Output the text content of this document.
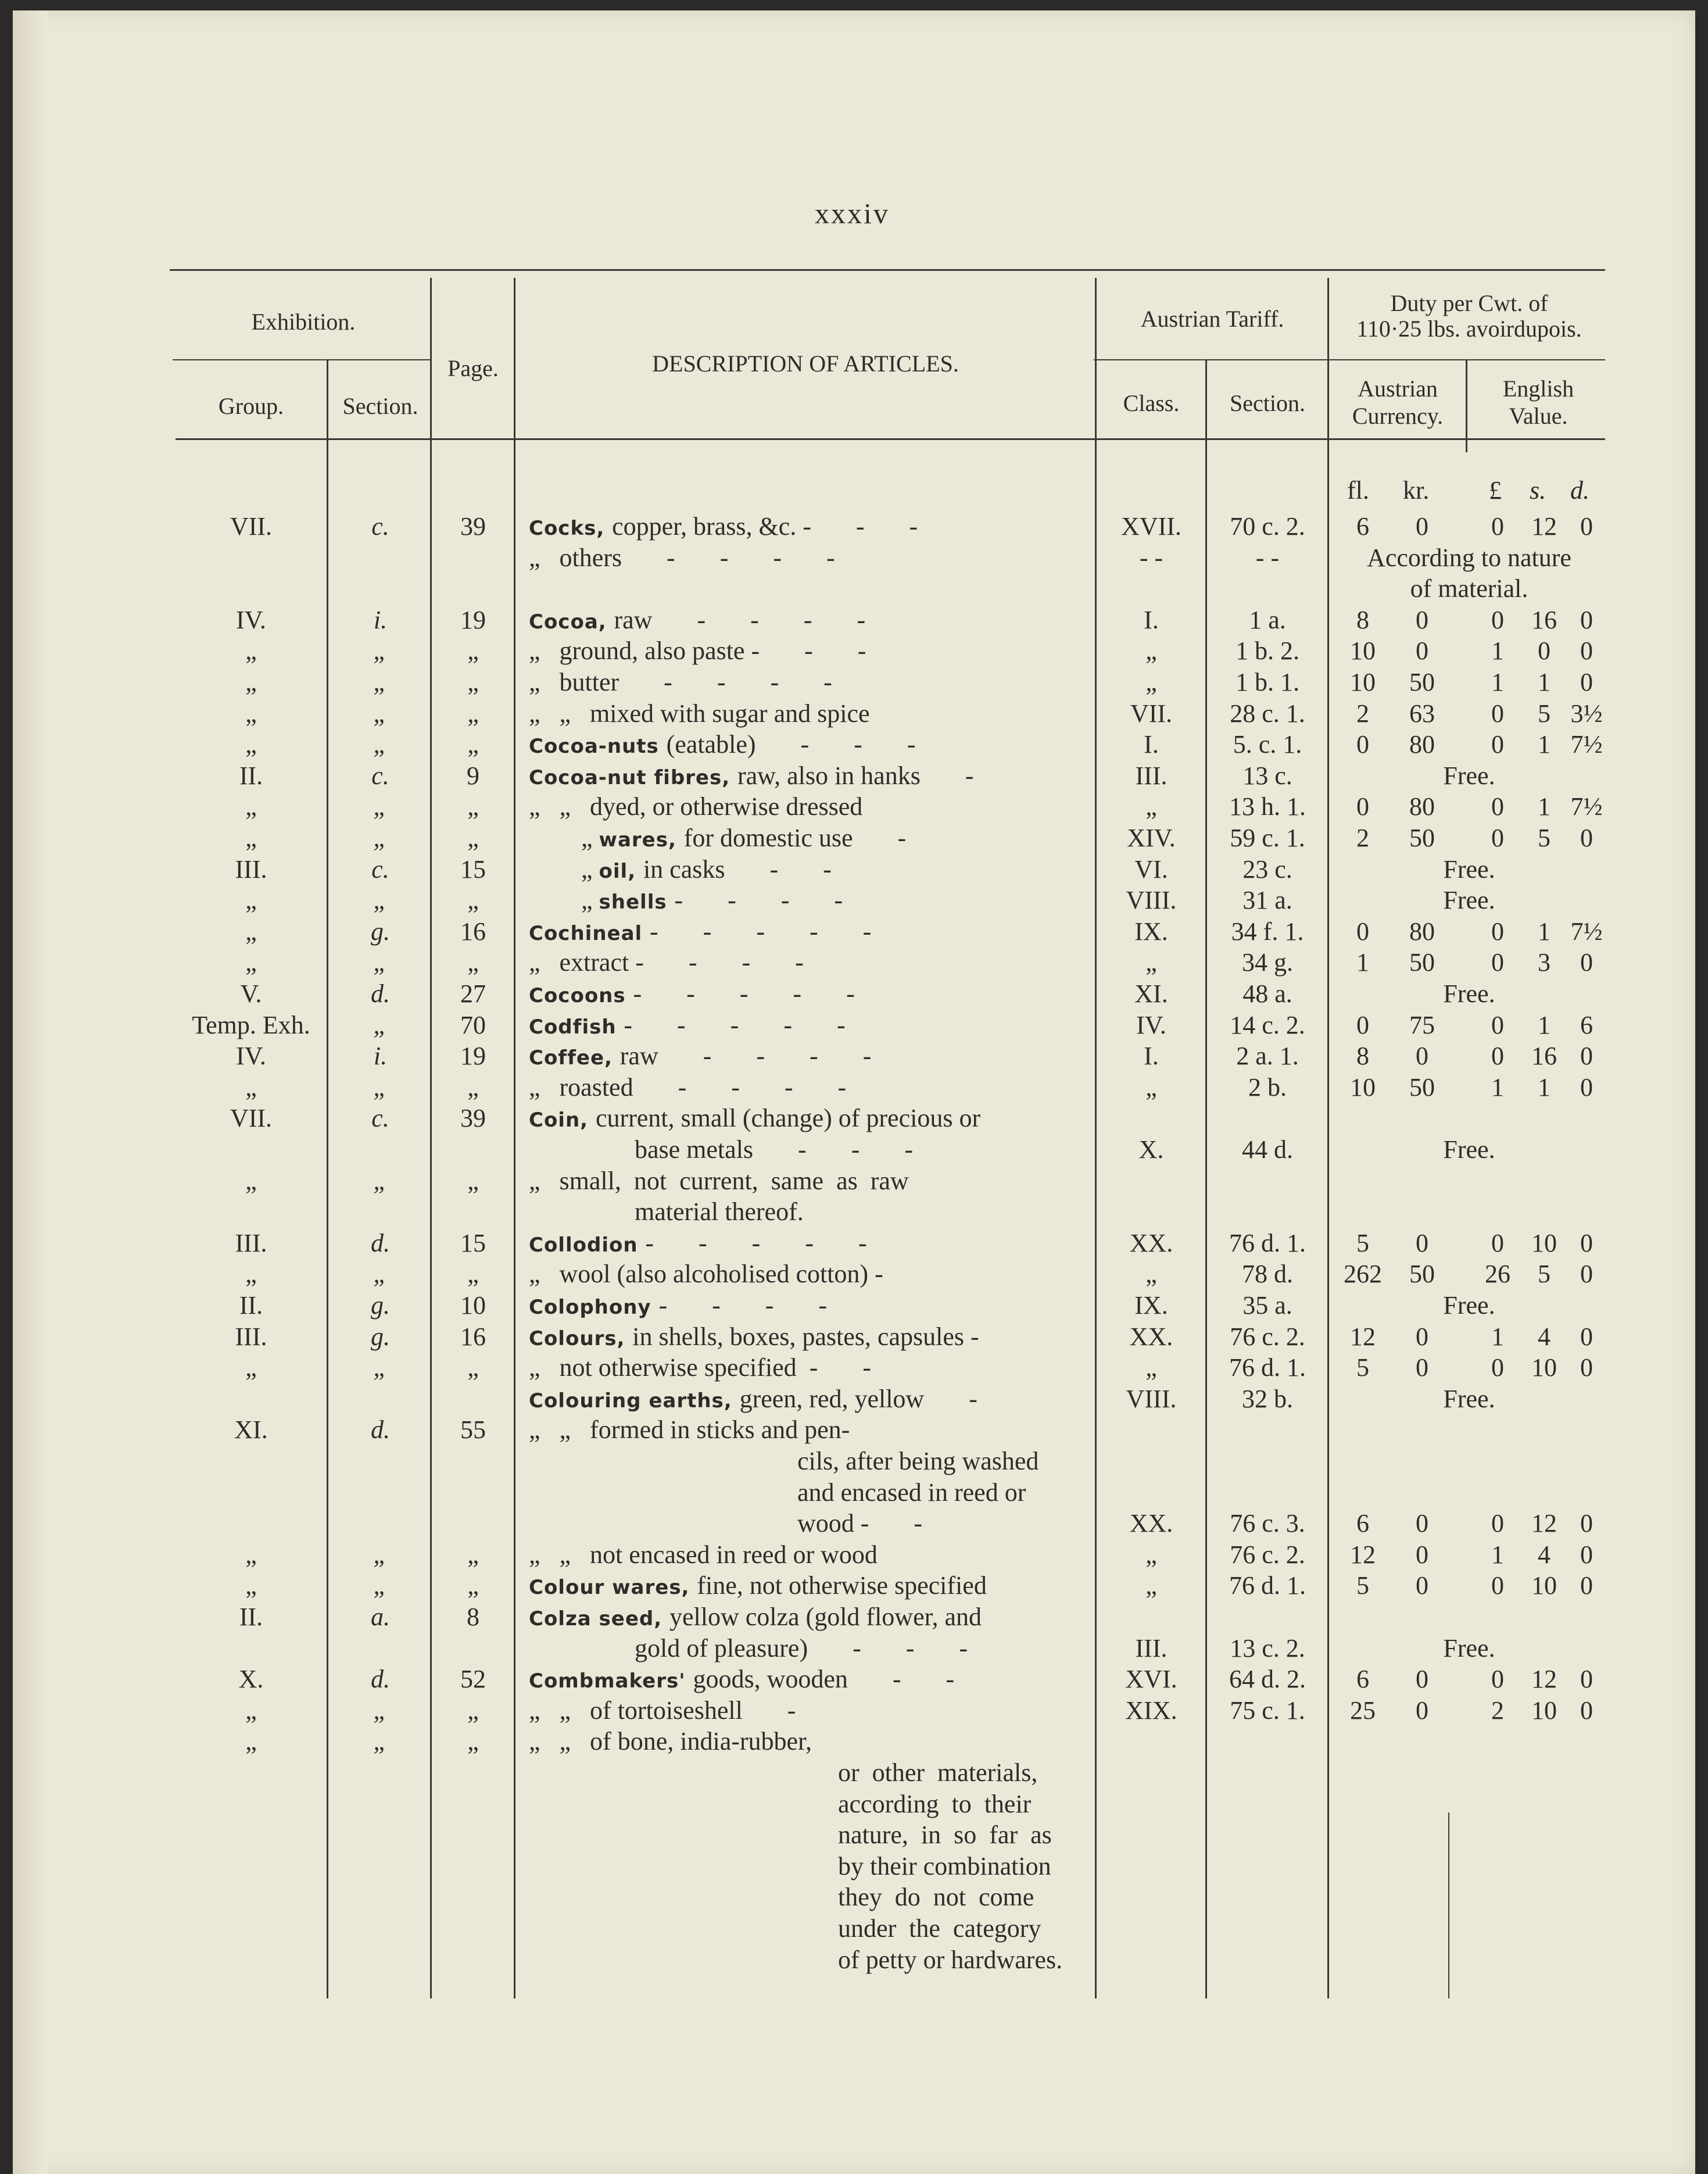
xxxiv
Exhibition.
Group.	Section.
Page.	DESCRIPTION OF ARTICLES.
Austrian Tariff.
Class.	Section.
Duty per Cwt. of
110·25 lbs. avoirdupois.
Austrian
Currency.
English
Value.
fl. kr. £ s. d.
VII.	c.	39	Cocks, copper, brass, &c. -       -       -	XVII.	70 c. 2.	6	0	0	12 0
„   others       -       -       -       -	- -	- -	According to nature
of material.
IV.	i.	19	Cocoa, raw       -       -       -       -	I.	1 a.	8	0	0	16 0
„	„	„	„   ground, also paste -       -       -	„	1 b. 2.	10	0	1	0	0
„	„	„	„   butter       -       -       -       -	„	1 b. 1.	10	50	1	1	0
„	„	„	„   „   mixed with sugar and spice	VII.	28 c. 1.	2	63	0	5 3½
„	„	„	Cocoa-nuts (eatable)       -       -       -	I.	5. c. 1.	0	80	0	1 7½
II.	c.	9	Cocoa-nut fibres, raw, also in hanks       -	III.	13 c.	Free.
„	„	„	„   „   dyed, or otherwise dressed	„	13 h. 1.	0	80	0	1 7½
„	„	„	„ wares, for domestic use       -	XIV.	59 c. 1.	2	50	0	5	0
III.	c.	15	„ oil, in casks       -       -	VI.	23 c.	Free.
„	„	„	„ shells -       -       -       -	VIII.	31 a.	Free.
„	g.	16	Cochineal -       -       -       -       -	IX.	34 f. 1.	0	80	0	1 7½
„	„	„	„   extract -       -       -       -	„	34 g.	1	50	0	3	0
V.	d.	27	Cocoons -       -       -       -       -	XI.	48 a.	Free.
Temp. Exh.	„	70	Codfish -       -       -       -       -	IV.	14 c. 2.	0	75	0	1	6
IV.	i.	19	Coffee, raw       -       -       -       -	I.	2 a. 1.	8	0	0	16 0
„	„	„	„   roasted       -       -       -       -	„	2 b.	10	50	1	1	0
VII.	c.	39	Coin, current, small (change) of precious or
base metals       -       -       -	X.	44 d.	Free.
„	„	„	„   small,  not  current,  same  as  raw
material thereof.
III.	d.	15	Collodion -       -       -       -       -	XX.	76 d. 1.	5	0	0	10 0
„	„	„	„   wool (also alcoholised cotton) -	„	78 d.	262	50	26	5	0
II.	g.	10	Colophony -       -       -       -	IX.	35 a.	Free.
III.	g.	16	Colours, in shells, boxes, pastes, capsules -	XX.	76 c. 2.	12	0	1	4	0
„	„	„	„   not otherwise specified  -       -	„	76 d. 1.	5	0	0	10 0
Colouring earths, green, red, yellow       -	VIII.	32 b.	Free.
XI.	d.	55	„   „   formed in sticks and pen-
cils, after being washed
and encased in reed or
wood -       -	XX.	76 c. 3.	6	0	0	12 0
„	„	„	„   „   not encased in reed or wood	„	76 c. 2.	12	0	1	4	0
„	„	„	Colour wares, fine, not otherwise specified	„	76 d. 1.	5	0	0	10 0
II.	a.	8	Colza seed, yellow colza (gold flower, and
gold of pleasure)       -       -       -	III.	13 c. 2.	Free.
X.	d.	52	Combmakers' goods, wooden       -       -	XVI.	64 d. 2.	6	0	0	12 0
„	„	„	„   „   of tortoiseshell       -	XIX.	75 c. 1.	25	0	2	10 0
„	„	„	„   „   of bone, india-rubber,
or  other  materials,
according  to  their
nature,  in  so  far  as
by their combination
they  do  not  come
under  the  category
of petty or hardwares.
